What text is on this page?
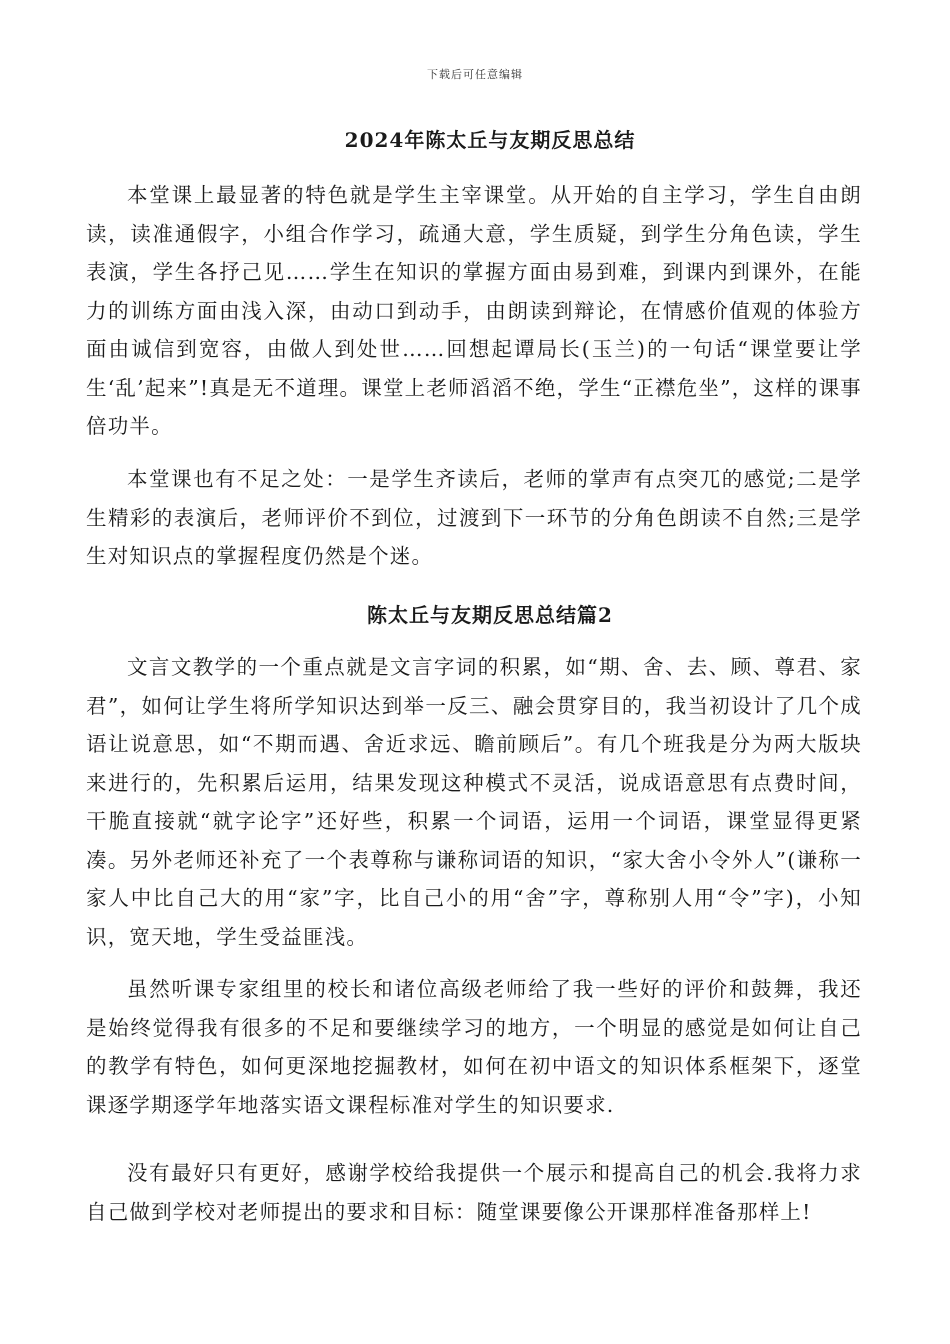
下载后可任意编辑
2024年陈太丘与友期反思总结

本堂课上最显著的特色就是学生主宰课堂。从开始的自主学习，学生自由朗读，读准通假字，小组合作学习，疏通大意，学生质疑，到学生分角色读，学生表演，学生各抒己见……学生在知识的掌握方面由易到难，到课内到课外，在能力的训练方面由浅入深，由动口到动手，由朗读到辩论，在情感价值观的体验方面由诚信到宽容，由做人到处世……回想起谭局长(玉兰)的一句话“课堂要让学生‘乱’起来”!真是无不道理。课堂上老师滔滔不绝，学生“正襟危坐”，这样的课事倍功半。

本堂课也有不足之处：一是学生齐读后，老师的掌声有点突兀的感觉;二是学生精彩的表演后，老师评价不到位，过渡到下一环节的分角色朗读不自然;三是学生对知识点的掌握程度仍然是个迷。

陈太丘与友期反思总结篇2

文言文教学的一个重点就是文言字词的积累，如“期、舍、去、顾、尊君、家君”，如何让学生将所学知识达到举一反三、融会贯穿目的，我当初设计了几个成语让说意思，如“不期而遇、舍近求远、瞻前顾后”。有几个班我是分为两大版块来进行的，先积累后运用，结果发现这种模式不灵活，说成语意思有点费时间，干脆直接就“就字论字”还好些，积累一个词语，运用一个词语，课堂显得更紧凑。另外老师还补充了一个表尊称与谦称词语的知识，“家大舍小令外人”(谦称一家人中比自己大的用“家”字，比自己小的用“舍”字，尊称别人用“令”字)，小知识，宽天地，学生受益匪浅。

虽然听课专家组里的校长和诸位高级老师给了我一些好的评价和鼓舞，我还是始终觉得我有很多的不足和要继续学习的地方，一个明显的感觉是如何让自己的教学有特色，如何更深地挖掘教材，如何在初中语文的知识体系框架下，逐堂课逐学期逐学年地落实语文课程标准对学生的知识要求.

没有最好只有更好，感谢学校给我提供一个展示和提高自己的机会.我将力求自己做到学校对老师提出的要求和目标：随堂课要像公开课那样准备那样上!
